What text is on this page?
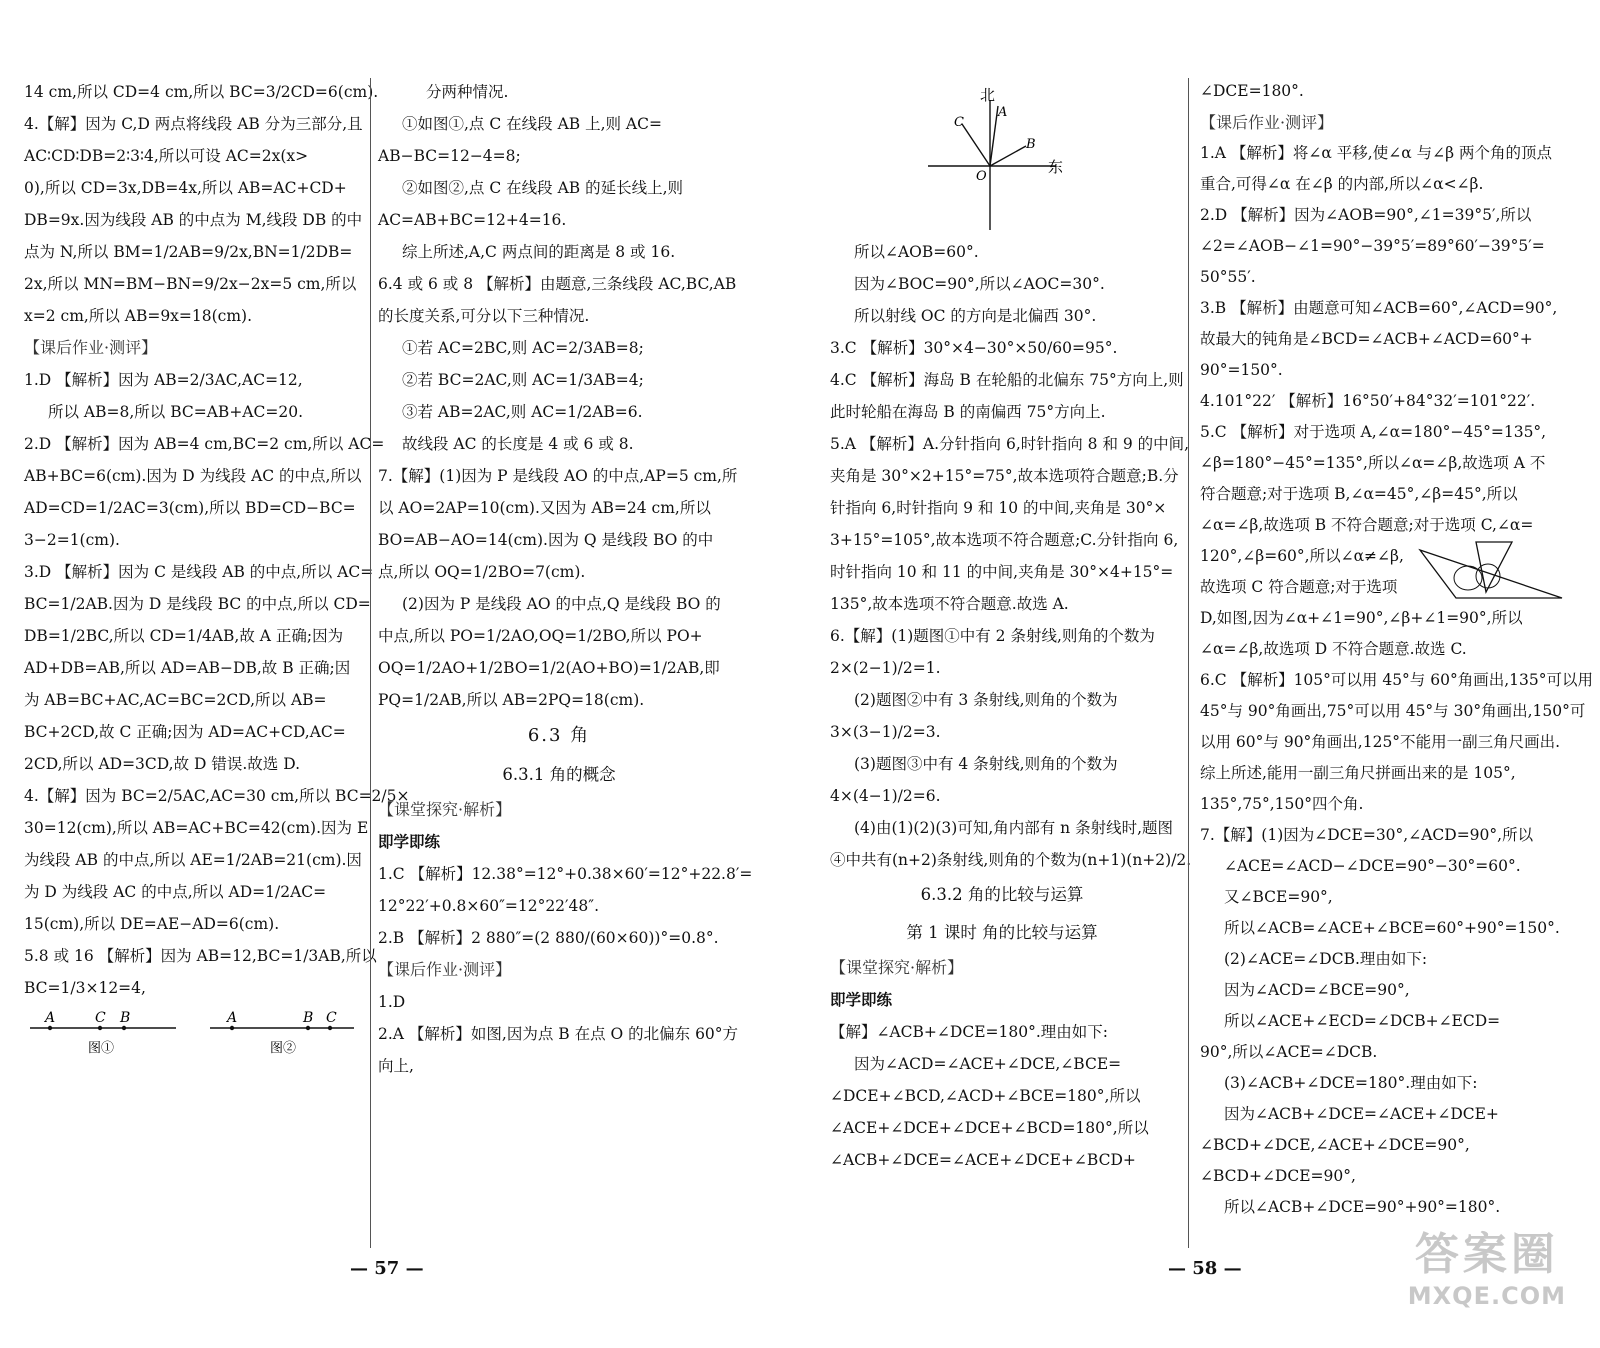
14 cm,所以 CD=4 cm,所以 BC=3/2CD=6(cm).

4.【解】因为 C,D 两点将线段 AB 分为三部分,且

AC∶CD∶DB=2∶3∶4,所以可设 AC=2x(x>

0),所以 CD=3x,DB=4x,所以 AB=AC+CD+

DB=9x.因为线段 AB 的中点为 M,线段 DB 的中

点为 N,所以 BM=1/2AB=9/2x,BN=1/2DB=

2x,所以 MN=BM−BN=9/2x−2x=5 cm,所以

x=2 cm,所以 AB=9x=18(cm).

【课后作业·测评】

1.D 【解析】因为 AB=2/3AC,AC=12,

所以 AB=8,所以 BC=AB+AC=20.

2.D 【解析】因为 AB=4 cm,BC=2 cm,所以 AC=

AB+BC=6(cm).因为 D 为线段 AC 的中点,所以

AD=CD=1/2AC=3(cm),所以 BD=CD−BC=

3−2=1(cm).

3.D 【解析】因为 C 是线段 AB 的中点,所以 AC=

BC=1/2AB.因为 D 是线段 BC 的中点,所以 CD=

DB=1/2BC,所以 CD=1/4AB,故 A 正确;因为

AD+DB=AB,所以 AD=AB−DB,故 B 正确;因

为 AB=BC+AC,AC=BC=2CD,所以 AB=

BC+2CD,故 C 正确;因为 AD=AC+CD,AC=

2CD,所以 AD=3CD,故 D 错误.故选 D.

4.【解】因为 BC=2/5AC,AC=30 cm,所以 BC=2/5×

30=12(cm),所以 AB=AC+BC=42(cm).因为 E

为线段 AB 的中点,所以 AE=1/2AB=21(cm).因

为 D 为线段 AC 的中点,所以 AD=1/2AC=

15(cm),所以 DE=AE−AD=6(cm).

5.8 或 16 【解析】因为 AB=12,BC=1/3AB,所以

BC=1/3×12=4,

A	C B
图①
A	B C
图②

分两种情况.

①如图①,点 C 在线段 AB 上,则 AC=

AB−BC=12−4=8;

②如图②,点 C 在线段 AB 的延长线上,则

AC=AB+BC=12+4=16.

综上所述,A,C 两点间的距离是 8 或 16.

6.4 或 6 或 8 【解析】由题意,三条线段 AC,BC,AB

的长度关系,可分以下三种情况.

①若 AC=2BC,则 AC=2/3AB=8;

②若 BC=2AC,则 AC=1/3AB=4;

③若 AB=2AC,则 AC=1/2AB=6.

故线段 AC 的长度是 4 或 6 或 8.

7.【解】(1)因为 P 是线段 AO 的中点,AP=5 cm,所

以 AO=2AP=10(cm).又因为 AB=24 cm,所以

BO=AB−AO=14(cm).因为 Q 是线段 BO 的中

点,所以 OQ=1/2BO=7(cm).

(2)因为 P 是线段 AO 的中点,Q 是线段 BO 的

中点,所以 PO=1/2AO,OQ=1/2BO,所以 PO+

OQ=1/2AO+1/2BO=1/2(AO+BO)=1/2AB,即

PQ=1/2AB,所以 AB=2PQ=18(cm).

6.3 角

6.3.1 角的概念

【课堂探究·解析】

即学即练

1.C 【解析】12.38°=12°+0.38×60′=12°+22.8′=

12°22′+0.8×60″=12°22′48″.

2.B 【解析】2 880″=(2 880/(60×60))°=0.8°.

【课后作业·测评】

1.D

2.A 【解析】如图,因为点 B 在点 O 的北偏东 60°方

向上,

北
A
B
C
O
东

所以∠AOB=60°.

因为∠BOC=90°,所以∠AOC=30°.

所以射线 OC 的方向是北偏西 30°.

3.C 【解析】30°×4−30°×50/60=95°.

4.C 【解析】海岛 B 在轮船的北偏东 75°方向上,则

此时轮船在海岛 B 的南偏西 75°方向上.

5.A 【解析】A.分针指向 6,时针指向 8 和 9 的中间,

夹角是 30°×2+15°=75°,故本选项符合题意;B.分

针指向 6,时针指向 9 和 10 的中间,夹角是 30°×

3+15°=105°,故本选项不符合题意;C.分针指向 6,

时针指向 10 和 11 的中间,夹角是 30°×4+15°=

135°,故本选项不符合题意.故选 A.

6.【解】(1)题图①中有 2 条射线,则角的个数为

2×(2−1)/2=1.

(2)题图②中有 3 条射线,则角的个数为

3×(3−1)/2=3.

(3)题图③中有 4 条射线,则角的个数为

4×(4−1)/2=6.

(4)由(1)(2)(3)可知,角内部有 n 条射线时,题图

④中共有(n+2)条射线,则角的个数为(n+1)(n+2)/2.

6.3.2 角的比较与运算

第 1 课时 角的比较与运算

【课堂探究·解析】

即学即练

【解】∠ACB+∠DCE=180°.理由如下:

因为∠ACD=∠ACE+∠DCE,∠BCE=

∠DCE+∠BCD,∠ACD+∠BCE=180°,所以

∠ACE+∠DCE+∠DCE+∠BCD=180°,所以

∠ACB+∠DCE=∠ACE+∠DCE+∠BCD+

∠DCE=180°.

【课后作业·测评】

1.A 【解析】将∠α 平移,使∠α 与∠β 两个角的顶点

重合,可得∠α 在∠β 的内部,所以∠α<∠β.

2.D 【解析】因为∠AOB=90°,∠1=39°5′,所以

∠2=∠AOB−∠1=90°−39°5′=89°60′−39°5′=

50°55′.

3.B 【解析】由题意可知∠ACB=60°,∠ACD=90°,

故最大的钝角是∠BCD=∠ACB+∠ACD=60°+

90°=150°.

4.101°22′ 【解析】16°50′+84°32′=101°22′.

5.C 【解析】对于选项 A,∠α=180°−45°=135°,

∠β=180°−45°=135°,所以∠α=∠β,故选项 A 不

符合题意;对于选项 B,∠α=45°,∠β=45°,所以

∠α=∠β,故选项 B 不符合题意;对于选项 C,∠α=

120°,∠β=60°,所以∠α≠∠β,

故选项 C 符合题意;对于选项

D,如图,因为∠α+∠1=90°,∠β+∠1=90°,所以

∠α=∠β,故选项 D 不符合题意.故选 C.

6.C 【解析】105°可以用 45°与 60°角画出,135°可以用

45°与 90°角画出,75°可以用 45°与 30°角画出,150°可

以用 60°与 90°角画出,125°不能用一副三角尺画出.

综上所述,能用一副三角尺拼画出来的是 105°,

135°,75°,150°四个角.

7.【解】(1)因为∠DCE=30°,∠ACD=90°,所以

∠ACE=∠ACD−∠DCE=90°−30°=60°.

又∠BCE=90°,

所以∠ACB=∠ACE+∠BCE=60°+90°=150°.

(2)∠ACE=∠DCB.理由如下:

因为∠ACD=∠BCE=90°,

所以∠ACE+∠ECD=∠DCB+∠ECD=

90°,所以∠ACE=∠DCB.

(3)∠ACB+∠DCE=180°.理由如下:

因为∠ACB+∠DCE=∠ACE+∠DCE+

∠BCD+∠DCE,∠ACE+∠DCE=90°,

∠BCD+∠DCE=90°,

所以∠ACB+∠DCE=90°+90°=180°.

— 57 —	— 58 —	答案圈
MXQE.COM
